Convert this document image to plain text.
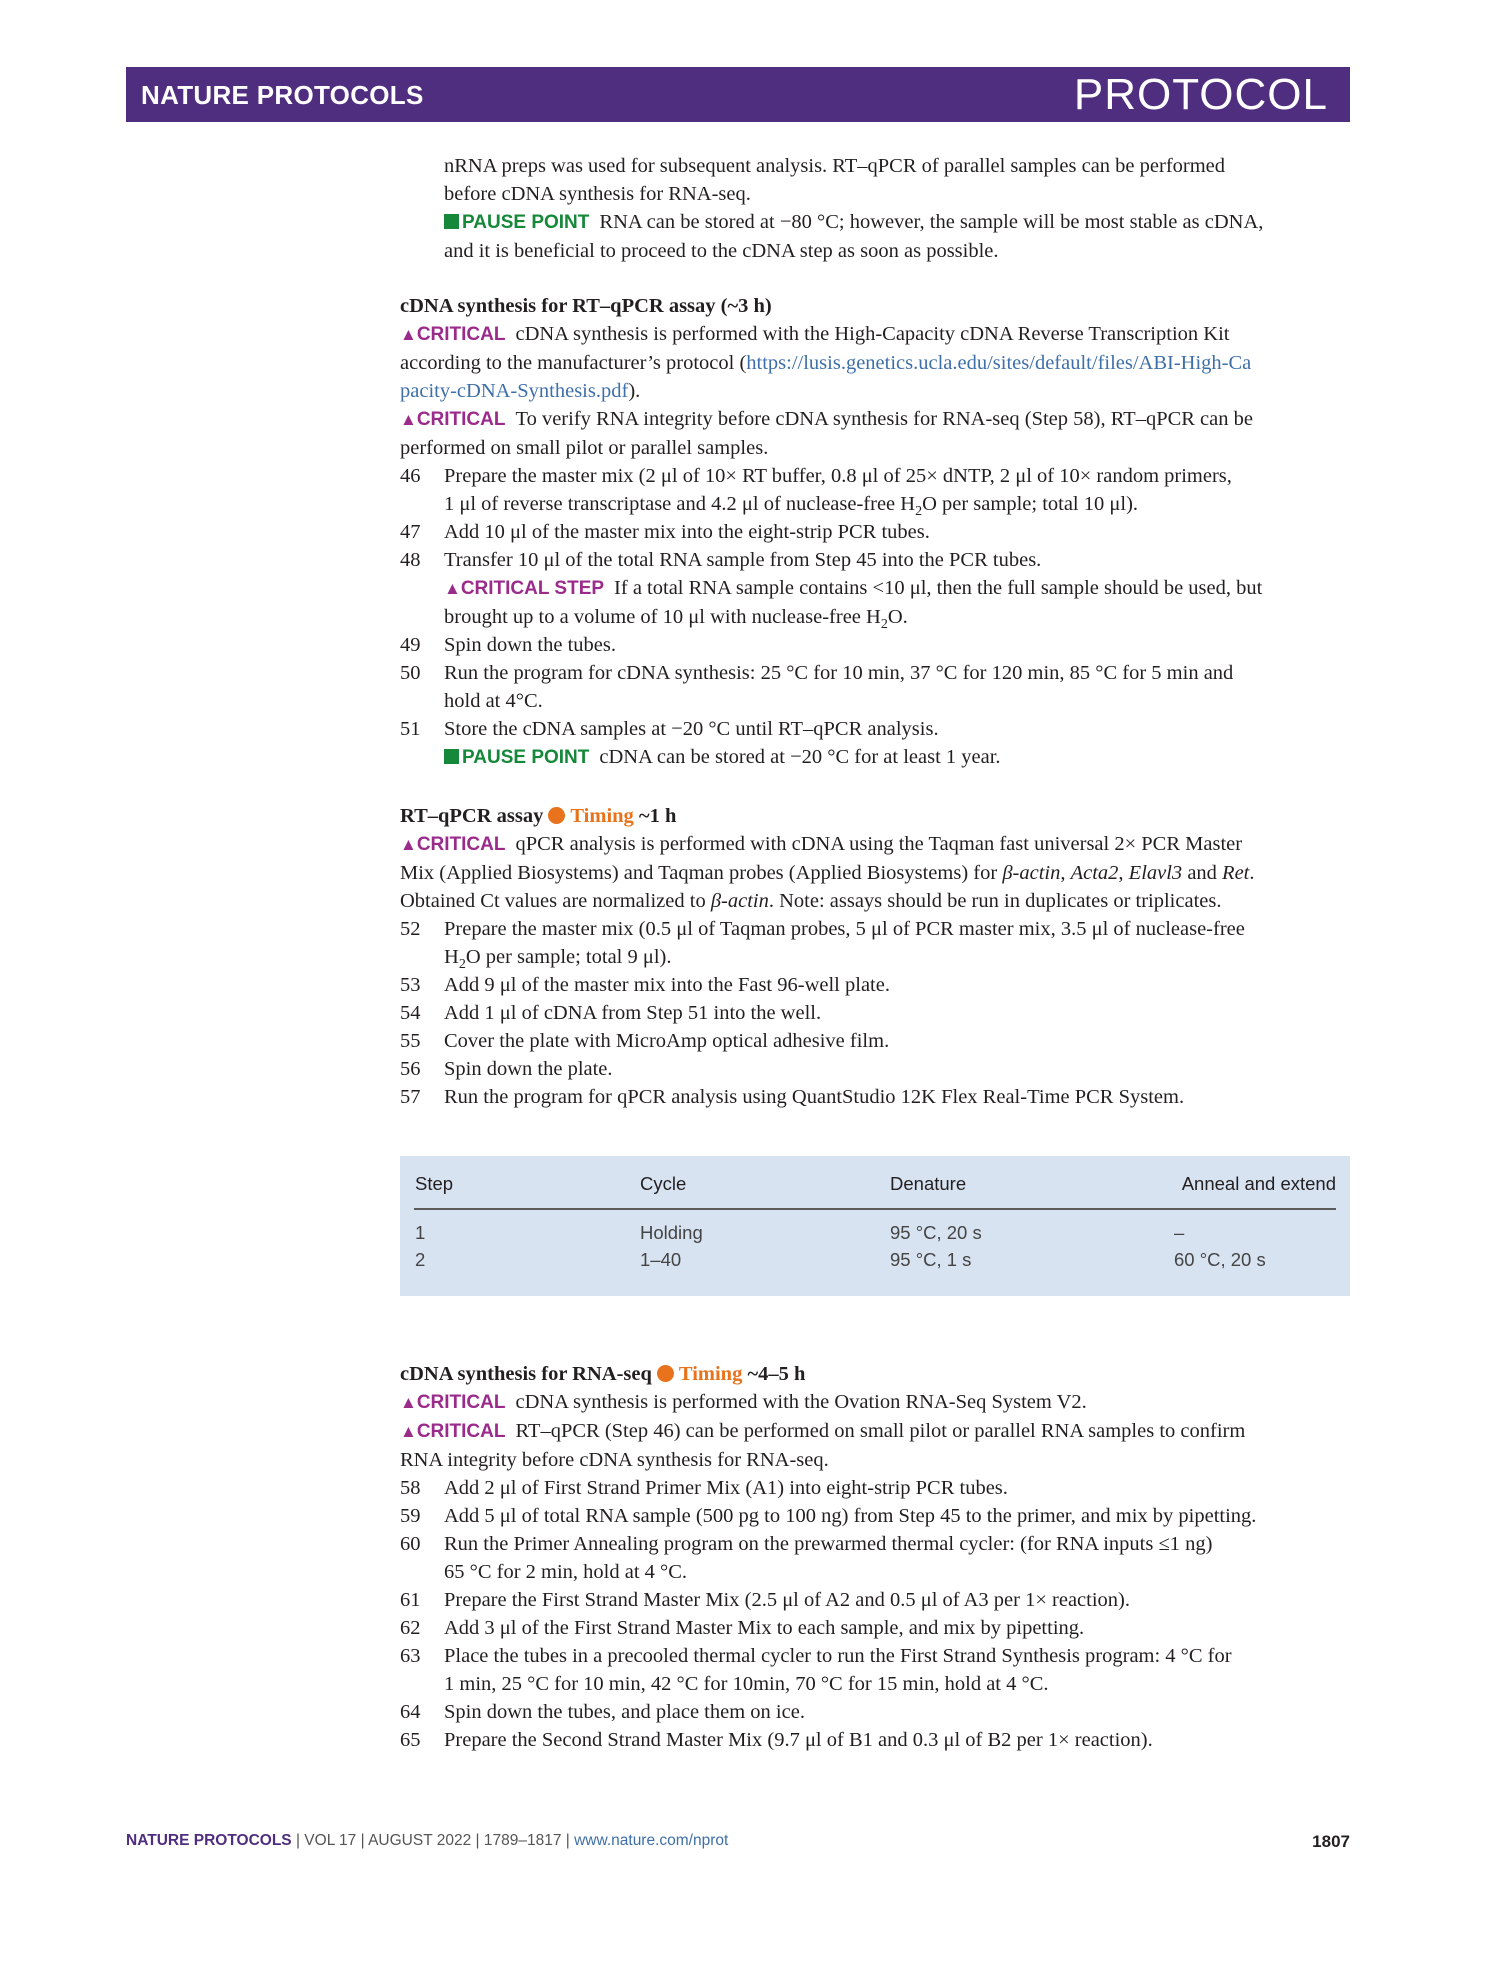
NATURE PROTOCOLS	PROTOCOL

nRNA preps was used for subsequent analysis. RT–qPCR of parallel samples can be performed

before cDNA synthesis for RNA-seq.

PAUSE POINT RNA can be stored at −80 °C; however, the sample will be most stable as cDNA,

and it is beneficial to proceed to the cDNA step as soon as possible.

cDNA synthesis for RT–qPCR assay (~3 h)

▲CRITICAL cDNA synthesis is performed with the High-Capacity cDNA Reverse Transcription Kit

according to the manufacturer’s protocol (https://lusis.genetics.ucla.edu/sites/default/files/ABI-High-Ca

pacity-cDNA-Synthesis.pdf).

▲CRITICAL To verify RNA integrity before cDNA synthesis for RNA-seq (Step 58), RT–qPCR can be

performed on small pilot or parallel samples.

46	Prepare the master mix (2 μl of 10× RT buffer, 0.8 μl of 25× dNTP, 2 μl of 10× random primers,
1 μl of reverse transcriptase and 4.2 μl of nuclease-free $H_2O$ per sample; total 10 μl).
47	Add 10 μl of the master mix into the eight-strip PCR tubes.
48	Transfer 10 μl of the total RNA sample from Step 45 into the PCR tubes.
▲CRITICAL STEP If a total RNA sample contains <10 μl, then the full sample should be used, but
brought up to a volume of 10 μl with nuclease-free $H_2O$.
49	Spin down the tubes.
50	Run the program for cDNA synthesis: 25 °C for 10 min, 37 °C for 120 min, 85 °C for 5 min and
hold at 4°C.
51	Store the cDNA samples at −20 °C until RT–qPCR analysis.
PAUSE POINT cDNA can be stored at −20 °C for at least 1 year.

RT–qPCR assay Timing ~1 h

▲CRITICAL qPCR analysis is performed with cDNA using the Taqman fast universal 2× PCR Master

Mix (Applied Biosystems) and Taqman probes (Applied Biosystems) for β-actin, Acta2, Elavl3 and Ret.

Obtained Ct values are normalized to β-actin. Note: assays should be run in duplicates or triplicates.

52	Prepare the master mix (0.5 μl of Taqman probes, 5 μl of PCR master mix, 3.5 μl of nuclease-free
$H_2O$ per sample; total 9 μl).
53	Add 9 μl of the master mix into the Fast 96-well plate.
54	Add 1 μl of cDNA from Step 51 into the well.
55	Cover the plate with MicroAmp optical adhesive film.
56	Spin down the plate.
57	Run the program for qPCR analysis using QuantStudio 12K Flex Real-Time PCR System.
Step	Cycle	Denature	Anneal and extend
1	Holding	95 °C, 20 s	–
2	1–40	95 °C, 1 s	60 °C, 20 s

cDNA synthesis for RNA-seq Timing ~4–5 h

▲CRITICAL cDNA synthesis is performed with the Ovation RNA-Seq System V2.

▲CRITICAL RT–qPCR (Step 46) can be performed on small pilot or parallel RNA samples to confirm

RNA integrity before cDNA synthesis for RNA-seq.

58	Add 2 μl of First Strand Primer Mix (A1) into eight-strip PCR tubes.
59	Add 5 μl of total RNA sample (500 pg to 100 ng) from Step 45 to the primer, and mix by pipetting.
60	Run the Primer Annealing program on the prewarmed thermal cycler: (for RNA inputs ≤1 ng)
65 °C for 2 min, hold at 4 °C.
61	Prepare the First Strand Master Mix (2.5 μl of A2 and 0.5 μl of A3 per 1× reaction).
62	Add 3 μl of the First Strand Master Mix to each sample, and mix by pipetting.
63	Place the tubes in a precooled thermal cycler to run the First Strand Synthesis program: 4 °C for
1 min, 25 °C for 10 min, 42 °C for 10min, 70 °C for 15 min, hold at 4 °C.
64	Spin down the tubes, and place them on ice.
65	Prepare the Second Strand Master Mix (9.7 μl of B1 and 0.3 μl of B2 per 1× reaction).
NATURE PROTOCOLS | VOL 17 | AUGUST 2022 | 1789–1817 | www.nature.com/nprot	1807
